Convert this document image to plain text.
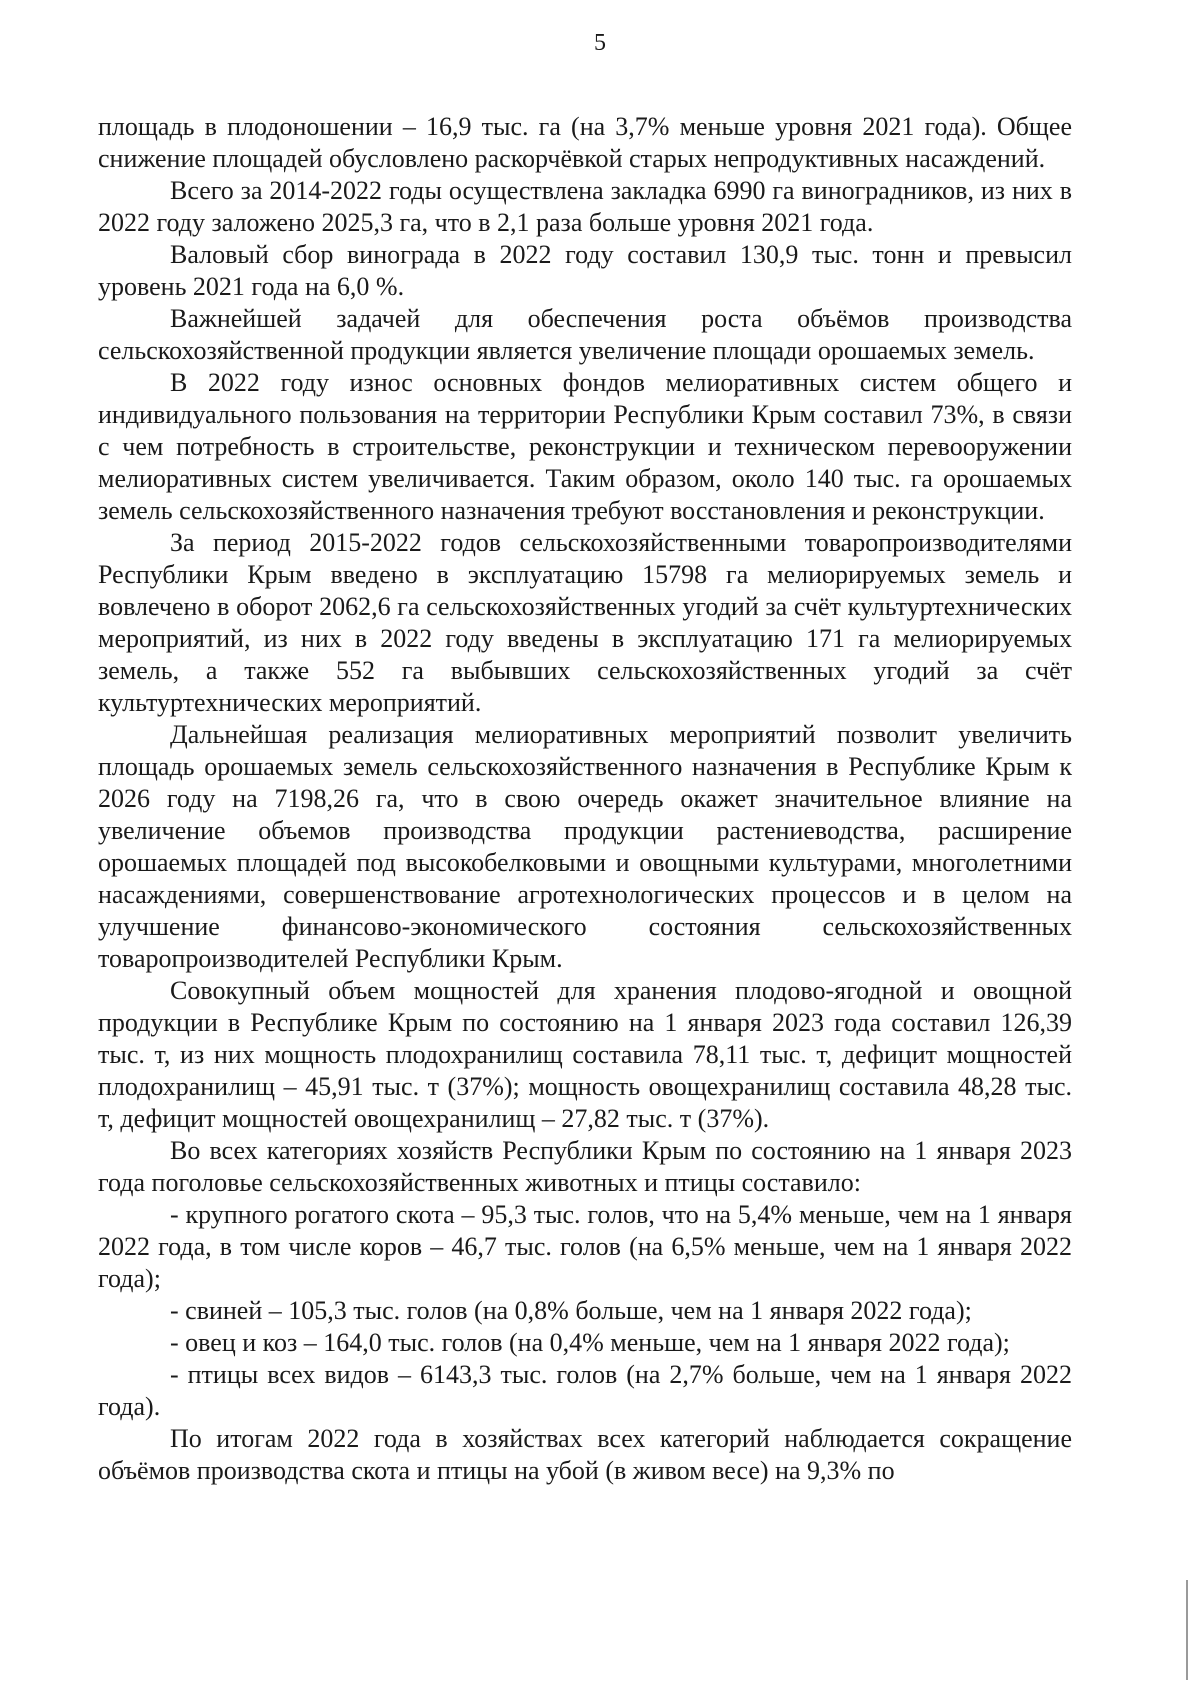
5

площадь в плодоношении – 16,9 тыс. га (на 3,7% меньше уровня 2021 года). Общее снижение площадей обусловлено раскорчёвкой старых непродуктивных насаждений.

Всего за 2014-2022 годы осуществлена закладка 6990 га виноградников, из них в 2022 году заложено 2025,3 га, что в 2,1 раза больше уровня 2021 года.

Валовый сбор винограда в 2022 году составил 130,9 тыс. тонн и превысил уровень 2021 года на 6,0 %.

Важнейшей задачей для обеспечения роста объёмов производства сельскохозяйственной продукции является увеличение площади орошаемых земель.

В 2022 году износ основных фондов мелиоративных систем общего и индивидуального пользования на территории Республики Крым составил 73%, в связи с чем потребность в строительстве, реконструкции и техническом перевооружении мелиоративных систем увеличивается. Таким образом, около 140 тыс. га орошаемых земель сельскохозяйственного назначения требуют восстановления и реконструкции.

За период 2015-2022 годов сельскохозяйственными товаропроизводителями Республики Крым введено в эксплуатацию 15798 га мелиорируемых земель и вовлечено в оборот 2062,6 га сельскохозяйственных угодий за счёт культуртехнических мероприятий, из них в 2022 году введены в эксплуатацию 171 га мелиорируемых земель, а также 552 га выбывших сельскохозяйственных угодий за счёт культуртехнических мероприятий.

Дальнейшая реализация мелиоративных мероприятий позволит увеличить площадь орошаемых земель сельскохозяйственного назначения в Республике Крым к 2026 году на 7198,26 га, что в свою очередь окажет значительное влияние на увеличение объемов производства продукции растениеводства, расширение орошаемых площадей под высокобелковыми и овощными культурами, многолетними насаждениями, совершенствование агротехнологических процессов и в целом на улучшение финансово-экономического состояния сельскохозяйственных товаропроизводителей Республики Крым.

Совокупный объем мощностей для хранения плодово-ягодной и овощной продукции в Республике Крым по состоянию на 1 января 2023 года составил 126,39 тыс. т, из них мощность плодохранилищ составила 78,11 тыс. т, дефицит мощностей плодохранилищ – 45,91 тыс. т (37%); мощность овощехранилищ составила 48,28 тыс. т, дефицит мощностей овощехранилищ – 27,82 тыс. т (37%).

Во всех категориях хозяйств Республики Крым по состоянию на 1 января 2023 года поголовье сельскохозяйственных животных и птицы составило:

- крупного рогатого скота – 95,3 тыс. голов, что на 5,4% меньше, чем на 1 января 2022 года, в том числе коров – 46,7 тыс. голов (на 6,5% меньше, чем на 1 января 2022 года);

- свиней – 105,3 тыс. голов (на 0,8% больше, чем на 1 января 2022 года);

- овец и коз – 164,0 тыс. голов (на 0,4% меньше, чем на 1 января 2022 года);

- птицы всех видов – 6143,3 тыс. голов (на 2,7% больше, чем на 1 января 2022 года).

По итогам 2022 года в хозяйствах всех категорий наблюдается сокращение объёмов производства скота и птицы на убой (в живом весе) на 9,3% по
